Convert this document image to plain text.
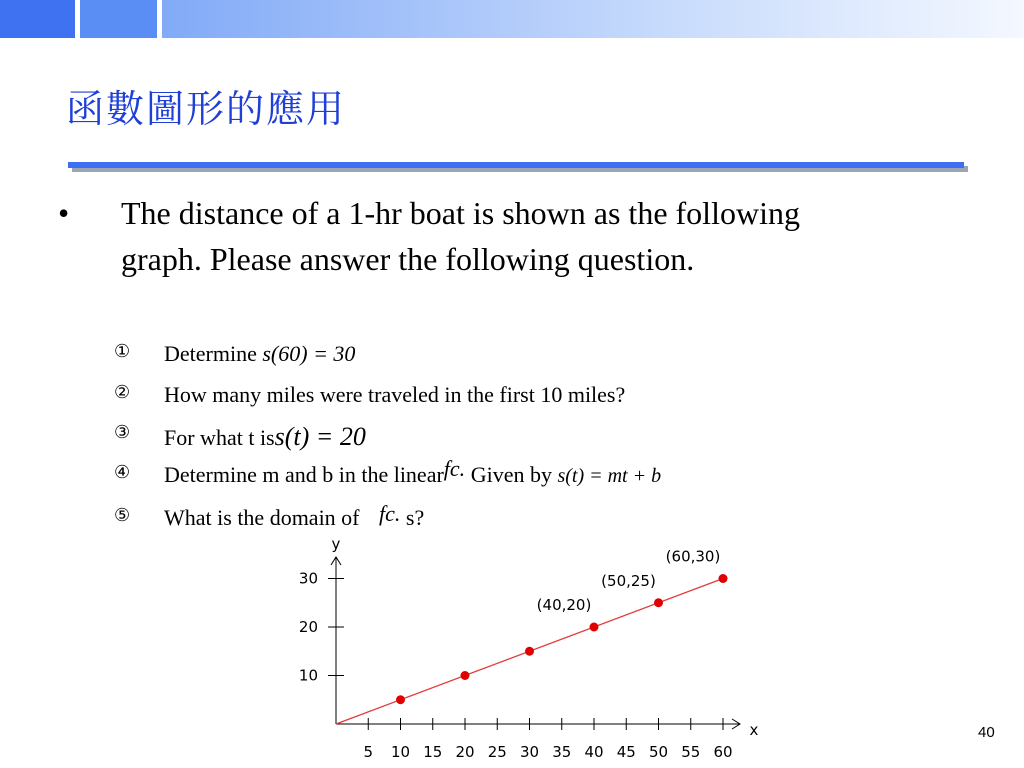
函數圖形的應用
• The distance of a 1-hr boat is shown as the following graph. Please answer the following question.
①	Determine s(60) = 30
②	How many miles were traveled in the first 10 miles?
③	For what t iss(t) = 20
④	Determine m and b in the linearfc. Given by s(t) = mt + b
⑤	What is the domain of fc. s?
x
y
5 10 15 20 25 30 35 40 45 50 55 60
10
20
30
(60,30)
(50,25)
(40,20)
40
